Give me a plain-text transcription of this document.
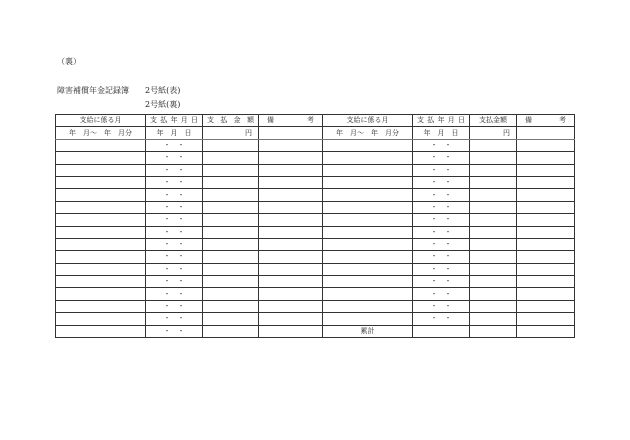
（裏）
障害補償年金記録簿 2号紙(表)
2号紙(裏)
支給に係る月	支 払 年 月 日	支 払 金 額	備　　考	支給に係る月	支 払 年 月 日	支払金額	備　　考
年　月～　年　月分	年　月　日	円		年　月～　年　月分	年　月　日	円	
	・　・				・　・		
	・　・				・　・		
	・　・				・　・		
	・　・				・　・		
	・　・				・　・		
	・　・				・　・		
	・　・				・　・		
	・　・				・　・		
	・　・				・　・		
	・　・				・　・		
	・　・				・　・		
	・　・				・　・		
	・　・				・　・		
	・　・				・　・		
	・　・				・　・		
	・　・			累計			
